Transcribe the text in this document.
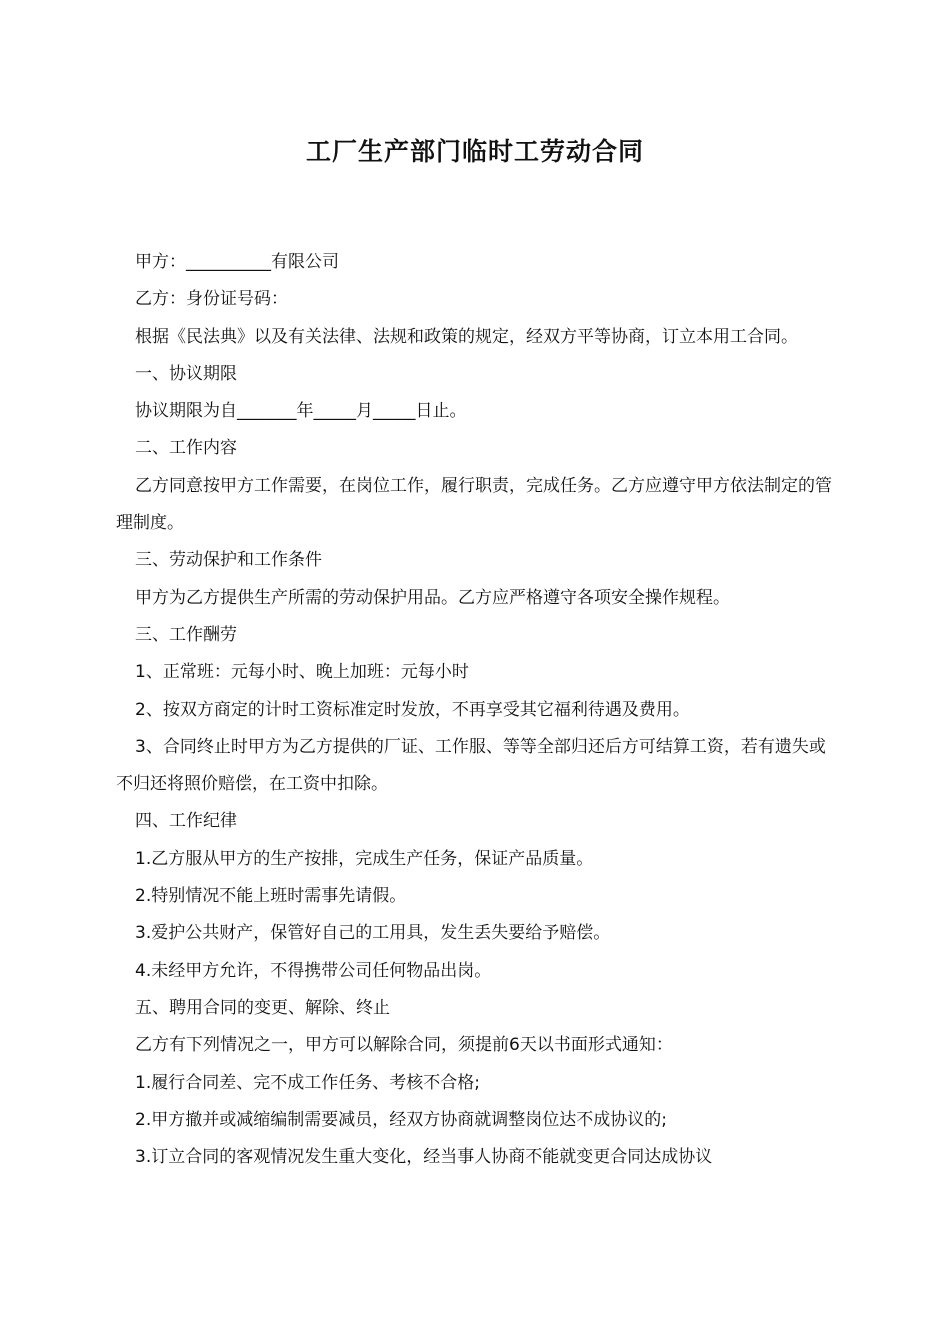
工厂生产部门临时工劳动合同

甲方：__________有限公司

乙方：身份证号码：

根据《民法典》以及有关法律、法规和政策的规定，经双方平等协商，订立本用工合同。

一、协议期限

协议期限为自_______年_____月_____日止。

二、工作内容

乙方同意按甲方工作需要，在岗位工作，履行职责，完成任务。乙方应遵守甲方依法制定的管理制度。

三、劳动保护和工作条件

甲方为乙方提供生产所需的劳动保护用品。乙方应严格遵守各项安全操作规程。

三、工作酬劳

1、正常班：元每小时、晚上加班：元每小时

2、按双方商定的计时工资标准定时发放，不再享受其它福利待遇及费用。

3、合同终止时甲方为乙方提供的厂证、工作服、等等全部归还后方可结算工资，若有遗失或不归还将照价赔偿，在工资中扣除。

四、工作纪律

1.乙方服从甲方的生产按排，完成生产任务，保证产品质量。

2.特别情况不能上班时需事先请假。

3.爱护公共财产，保管好自己的工用具，发生丢失要给予赔偿。

4.未经甲方允许，不得携带公司任何物品出岗。

五、聘用合同的变更、解除、终止

乙方有下列情况之一，甲方可以解除合同，须提前6天以书面形式通知：

1.履行合同差、完不成工作任务、考核不合格;

2.甲方撤并或减缩编制需要减员，经双方协商就调整岗位达不成协议的;

3.订立合同的客观情况发生重大变化，经当事人协商不能就变更合同达成协议
